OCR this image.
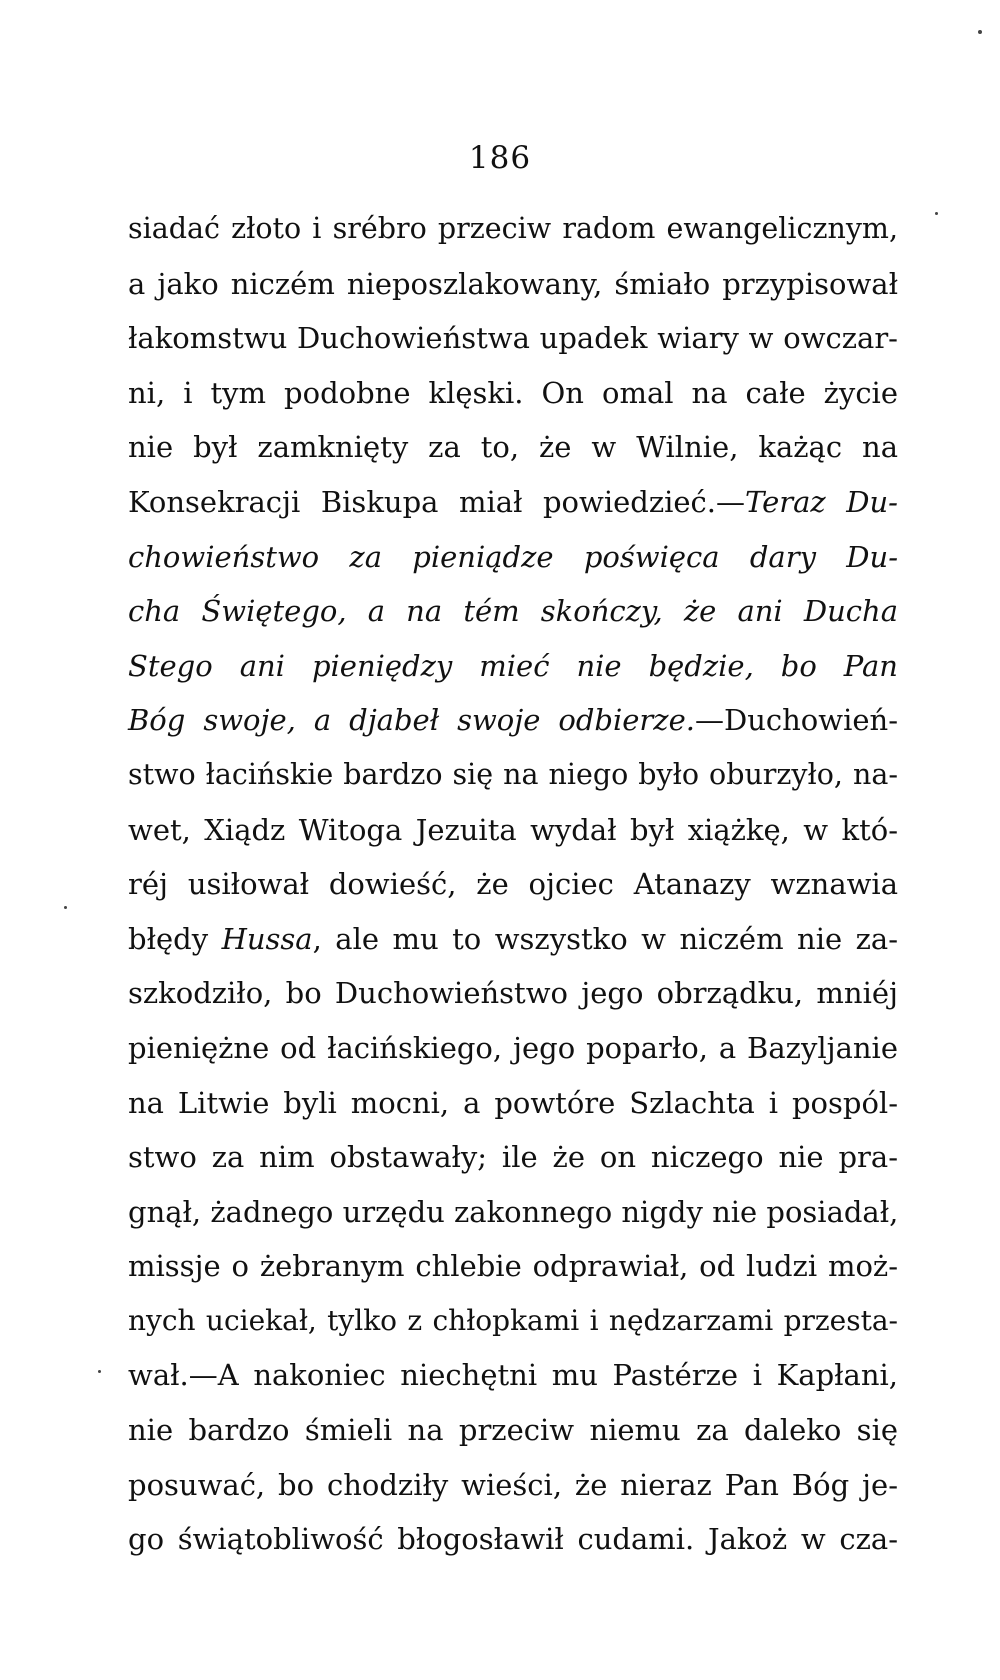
186
siadać złoto i srébro przeciw radom ewangelicznym,
a jako niczém nieposzlakowany, śmiało przypisował
łakomstwu Duchowieństwa upadek wiary w owczar-
ni, i tym podobne klęski. On omal na całe życie
nie był zamknięty za to, że w Wilnie, każąc na
Konsekracji Biskupa miał powiedzieć.—Teraz Du-
chowieństwo za pieniądze poświęca dary Du-
cha Świętego, a na tém skończy, że ani Ducha
Stego ani pieniędzy mieć nie będzie, bo Pan
Bóg swoje, a djabeł swoje odbierze.—Duchowień-
stwo łacińskie bardzo się na niego było oburzyło, na-
wet, Xiądz Witoga Jezuita wydał był xiążkę, w któ-
réj usiłował dowieść, że ojciec Atanazy wznawia
błędy Hussa, ale mu to wszystko w niczém nie za-
szkodziło, bo Duchowieństwo jego obrządku, mniéj
pieniężne od łacińskiego, jego poparło, a Bazyljanie
na Litwie byli mocni, a powtóre Szlachta i pospól-
stwo za nim obstawały; ile że on niczego nie pra-
gnął, żadnego urzędu zakonnego nigdy nie posiadał,
missje o żebranym chlebie odprawiał, od ludzi moż-
nych uciekał, tylko z chłopkami i nędzarzami przesta-
wał.—A nakoniec niechętni mu Pastérze i Kapłani,
nie bardzo śmieli na przeciw niemu za daleko się
posuwać, bo chodziły wieści, że nieraz Pan Bóg je-
go świątobliwość błogosławił cudami. Jakoż w cza-
